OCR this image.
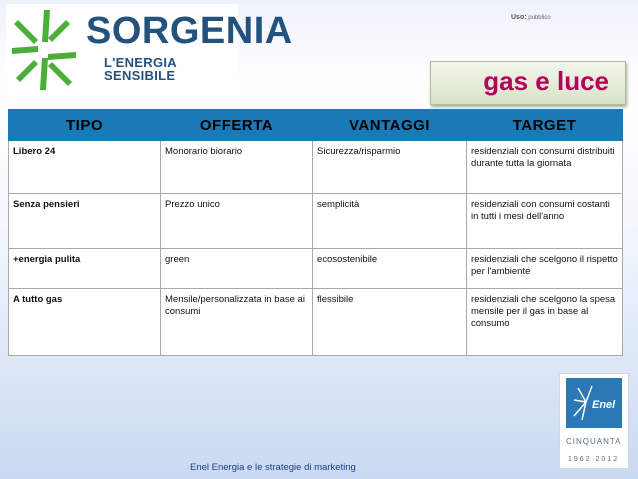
SORGENIA
L'ENERGIA SENSIBILE
Uso: pubblico
gas e luce
TIPO	OFFERTA	VANTAGGI	TARGET
Libero 24	Monorario biorario	Sicurezza/risparmio	residenziali con consumi distribuiti durante tutta la giornata
Senza pensieri	Prezzo unico	semplicità	residenziali con consumi costanti in tutti i mesi dell'anno
+energia pulita	green	ecosostenibile	residenziali che scelgono il rispetto per l'ambiente
A tutto gas	Mensile/personalizzata in base ai consumi	flessibile	residenziali che scelgono la spesa mensile per il gas in base al consumo
Enel
CINQUANTA
1962 2012
Enel Energia e le strategie di marketing
